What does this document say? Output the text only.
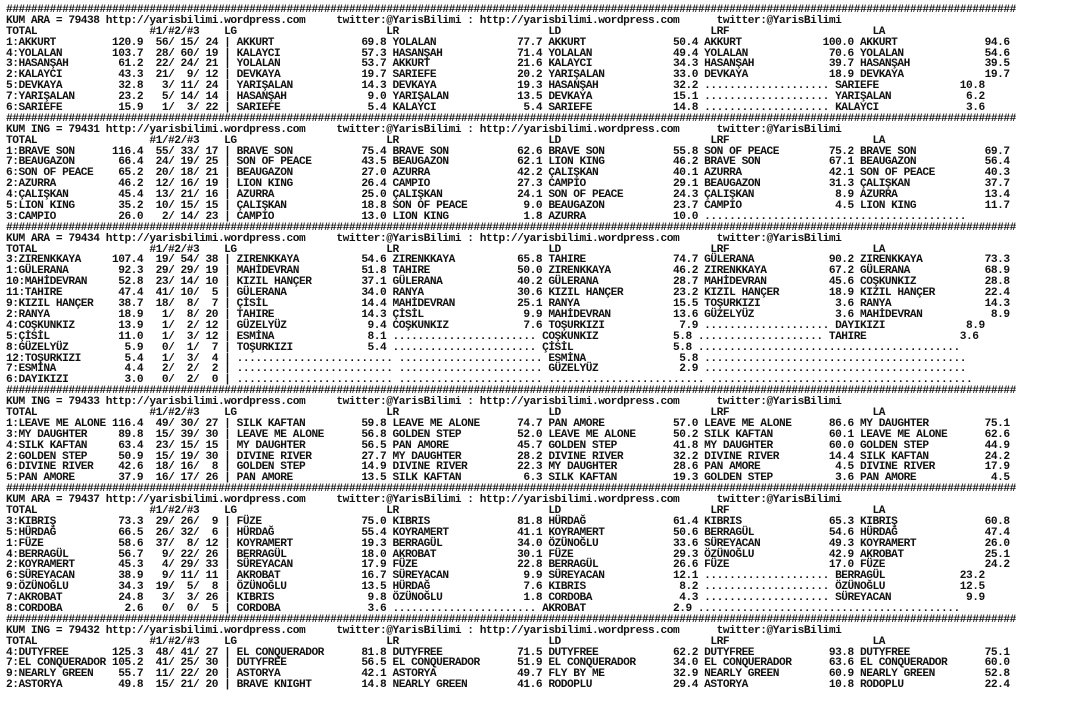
##################################################################################################################################################################
KUM ARA = 79438 http://yarisbilimi.wordpress.com     twitter:@YarisBilimi : http://yarisbilimi.wordpress.com      twitter:@YarisBilimi
TOTAL                  #1/#2/#3    LG                        LR                        LD                        LRF                       LA
1:AKKURT         120.9  56/ 15/ 24 | AKKURT              69.8 YOLALAN             77.7 AKKURT              50.4 AKKURT             100.0 AKKURT              94.6
4:YOLALAN        103.7  28/ 60/ 19 | KALAYCI             57.3 HASANŞAH            71.4 YOLALAN             49.4 YOLALAN             70.6 YOLALAN             54.6
3:HASANŞAH        61.2  22/ 24/ 21 | YOLALAN             53.7 AKKURT              21.6 KALAYCI             34.3 HASANŞAH            39.7 HASANŞAH            39.5
2:KALAYCI         43.3  21/  9/ 12 | DEVKAYA             19.7 SARIEFE             20.2 YARIŞALAN           33.0 DEVKAYA             18.9 DEVKAYA             19.7
5:DEVKAYA         32.8   3/ 11/ 24 | YARIŞALAN           14.3 DEVKAYA             19.3 HASANŞAH            32.2 .................... SARIEFE             10.8
7:YARIŞALAN       23.2   5/ 14/ 14 | HASANŞAH             9.0 YARIŞALAN           13.5 DEVKAYA             15.1 .................... YARIŞALAN            6.2
6:SARIEFE         15.9   1/  3/ 22 | SARIEFE              5.4 KALAYCI              5.4 SARIEFE             14.8 .................... KALAYCI              3.6
##################################################################################################################################################################
KUM ING = 79431 http://yarisbilimi.wordpress.com     twitter:@YarisBilimi : http://yarisbilimi.wordpress.com      twitter:@YarisBilimi
TOTAL                  #1/#2/#3    LG                        LR                        LD                        LRF                       LA
1:BRAVE SON      116.4  55/ 33/ 17 | BRAVE SON           75.4 BRAVE SON           62.6 BRAVE SON           55.8 SON OF PEACE        75.2 BRAVE SON           69.7
7:BEAUGAZON       66.4  24/ 19/ 25 | SON OF PEACE        43.5 BEAUGAZON           62.1 LION KING           46.2 BRAVE SON           67.1 BEAUGAZON           56.4
6:SON OF PEACE    65.2  20/ 18/ 21 | BEAUGAZON           27.0 AZURRA              42.2 ÇALIŞKAN            40.1 AZURRA              42.1 SON OF PEACE        40.3
2:AZURRA          46.2  12/ 16/ 19 | LION KING           26.4 CAMPIO              27.3 CAMPIO              29.1 BEAUGAZON           31.3 ÇALIŞKAN            37.7
4:ÇALIŞKAN        45.4  13/ 21/ 16 | AZURRA              25.0 ÇALIŞKAN            24.1 SON OF PEACE        24.3 ÇALIŞKAN             8.9 AZURRA              13.4
5:LION KING       35.2  10/ 15/ 15 | ÇALIŞKAN            18.8 SON OF PEACE         9.0 BEAUGAZON           23.7 CAMPIO               4.5 LION KING           11.7
3:CAMPIO          26.0   2/ 14/ 23 | CAMPIO              13.0 LION KING            1.8 AZURRA              10.0 ..........................................
##################################################################################################################################################################
KUM ARA = 79434 http://yarisbilimi.wordpress.com     twitter:@YarisBilimi : http://yarisbilimi.wordpress.com      twitter:@YarisBilimi
TOTAL                  #1/#2/#3    LG                        LR                        LD                        LRF                       LA
3:ZIRENKKAYA     107.4  19/ 54/ 38 | ZIRENKKAYA          54.6 ZIRENKKAYA          65.8 TAHIRE              74.7 GÜLERANA            90.2 ZIRENKKAYA          73.3
1:GÜLERANA        92.3  29/ 29/ 19 | MAHİDEVRAN          51.8 TAHIRE              50.0 ZIRENKKAYA          46.2 ZIRENKKAYA          67.2 GÜLERANA            68.9
10:MAHİDEVRAN     52.8  23/ 14/ 10 | KIZIL HANÇER        37.1 GÜLERANA            40.2 GÜLERANA            28.7 MAHİDEVRAN          45.6 COŞKUNKIZ           28.8
11:TAHIRE         47.4  41/ 10/  5 | GÜLERANA            34.0 RANYA               30.6 KIZIL HANÇER        23.2 KIZIL HANÇER        18.9 KIZIL HANÇER        22.4
9:KIZIL HANÇER    38.7  18/  8/  7 | ÇİSİL               14.4 MAHİDEVRAN          25.1 RANYA               15.5 TOŞURKIZI            3.6 RANYA               14.3
2:RANYA           18.9   1/  8/ 20 | TAHIRE              14.3 ÇİSİL                9.9 MAHİDEVRAN          13.6 GÜZELYÜZ             3.6 MAHİDEVRAN           8.9
4:COŞKUNKIZ       13.9   1/  2/ 12 | GÜZELYÜZ             9.4 COŞKUNKIZ            7.6 TOŞURKIZI            7.9 .................... DAYIKIZI             8.9
5:ÇİSİL           11.0   1/  3/ 12 | ESMİNA               8.1 ....................... COŞKUNKIZ            5.8 .................... TAHIRE               3.6
8:GÜZELYÜZ         5.9   0/  1/  7 | TOŞURKIZI            5.4 ....................... ÇİSİL                5.8 ..........................................
12:TOŞURKIZI       5.4   1/  3/  4 | ......................... ....................... ESMİNA               5.8 ..........................................
7:ESMİNA           4.4   2/  2/  2 | ......................... ....................... GÜZELYÜZ             2.9 ..........................................
6:DAYIKIZI         3.0   0/  2/  0 | ......................... ....................... ......................... ..........................................
##################################################################################################################################################################
KUM ING = 79433 http://yarisbilimi.wordpress.com     twitter:@YarisBilimi : http://yarisbilimi.wordpress.com      twitter:@YarisBilimi
TOTAL                  #1/#2/#3    LG                        LR                        LD                        LRF                       LA
1:LEAVE ME ALONE 116.4  49/ 30/ 27 | SILK KAFTAN         59.8 LEAVE ME ALONE      74.7 PAN AMORE           57.0 LEAVE ME ALONE      86.6 MY DAUGHTER         75.1
3:MY DAUGHTER     89.8  15/ 39/ 30 | LEAVE ME ALONE      56.8 GOLDEN STEP         52.0 LEAVE ME ALONE      50.2 SILK KAFTAN         60.1 LEAVE ME ALONE      62.6
4:SILK KAFTAN     63.4  23/ 15/ 15 | MY DAUGHTER         56.5 PAN AMORE           45.7 GOLDEN STEP         41.8 MY DAUGHTER         60.0 GOLDEN STEP         44.9
2:GOLDEN STEP     50.9  15/ 19/ 30 | DIVINE RIVER        27.7 MY DAUGHTER         28.2 DIVINE RIVER        32.2 DIVINE RIVER        14.4 SILK KAFTAN         24.2
6:DIVINE RIVER    42.6  18/ 16/  8 | GOLDEN STEP         14.9 DIVINE RIVER        22.3 MY DAUGHTER         28.6 PAN AMORE            4.5 DIVINE RIVER        17.9
5:PAN AMORE       37.9  16/ 17/ 26 | PAN AMORE           13.5 SILK KAFTAN          6.3 SILK KAFTAN         19.3 GOLDEN STEP          3.6 PAN AMORE            4.5
##################################################################################################################################################################
KUM ARA = 79437 http://yarisbilimi.wordpress.com     twitter:@YarisBilimi : http://yarisbilimi.wordpress.com      twitter:@YarisBilimi
TOTAL                  #1/#2/#3    LG                        LR                        LD                        LRF                       LA
3:KIBRIŞ          73.3  29/ 26/  9 | FÜZE                75.0 KIBRIS              81.8 HÜRDAĞ              61.4 KIBRIS              65.3 KIBRIŞ              60.8
5:HÜRDAĞ          66.5  26/ 32/  6 | HÜRDAĞ              55.4 KOYRAMERT           41.1 KOYRAMERT           50.6 BERRAGÜL            54.6 HÜRDAĞ              47.4
1:FÜZE            58.6  37/  8/ 12 | KOYRAMERT           19.3 BERRAGÜL            34.0 ÖZÜNOĞLU            33.6 SÜREYACAN           49.3 KOYRAMERT           26.0
4:BERRAGÜL        56.7   9/ 22/ 26 | BERRAGÜL            18.0 AKROBAT             30.1 FÜZE                29.3 ÖZÜNOĞLU            42.9 AKROBAT             25.1
2:KOYRAMERT       45.3   4/ 29/ 33 | SÜREYACAN           17.9 FÜZE                22.8 BERRAGÜL            26.6 FÜZE                17.0 FÜZE                24.2
6:SÜREYACAN       38.9   9/ 11/ 11 | AKROBAT             16.7 SÜREYACAN            9.9 SÜREYACAN           12.1 .................... BERRAGÜL            23.2
9:ÖZÜNOĞLU        34.3  19/  5/  8 | ÖZÜNOĞLU            13.5 HÜRDAĞ               7.6 KIBRIS               8.2 .................... ÖZÜNOĞLU            12.5
7:AKROBAT         24.8   3/  3/ 26 | KIBRIS               9.8 ÖZÜNOĞLU             1.8 CORDOBA              4.3 .................... SÜREYACAN            9.9
8:CORDOBA          2.6   0/  0/  5 | CORDOBA              3.6 ....................... AKROBAT              2.9 ..........................................
##################################################################################################################################################################
KUM ING = 79432 http://yarisbilimi.wordpress.com     twitter:@YarisBilimi : http://yarisbilimi.wordpress.com      twitter:@YarisBilimi
TOTAL                  #1/#2/#3    LG                        LR                        LD                        LRF                       LA
4:DUTYFREE       125.3  48/ 41/ 27 | EL CONQUERADOR      81.8 DUTYFREE            71.5 DUTYFREE            62.2 DUTYFREE            93.8 DUTYFREE            75.1
7:EL CONQUERADOR 105.2  41/ 25/ 30 | DUTYFREE            56.5 EL CONQUERADOR      51.9 EL CONQUERADOR      34.0 EL CONQUERADOR      63.6 EL CONQUERADOR      60.0
9:NEARLY GREEN    55.7  11/ 22/ 20 | ASTORYA             42.1 ASTORYA             49.7 FLY BY ME           32.9 NEARLY GREEN        60.9 NEARLY GREEN        52.8
2:ASTORYA         49.8  15/ 21/ 20 | BRAVE KNIGHT        14.8 NEARLY GREEN        41.6 RODOPLU             29.4 ASTORYA             10.8 RODOPLU             22.4
